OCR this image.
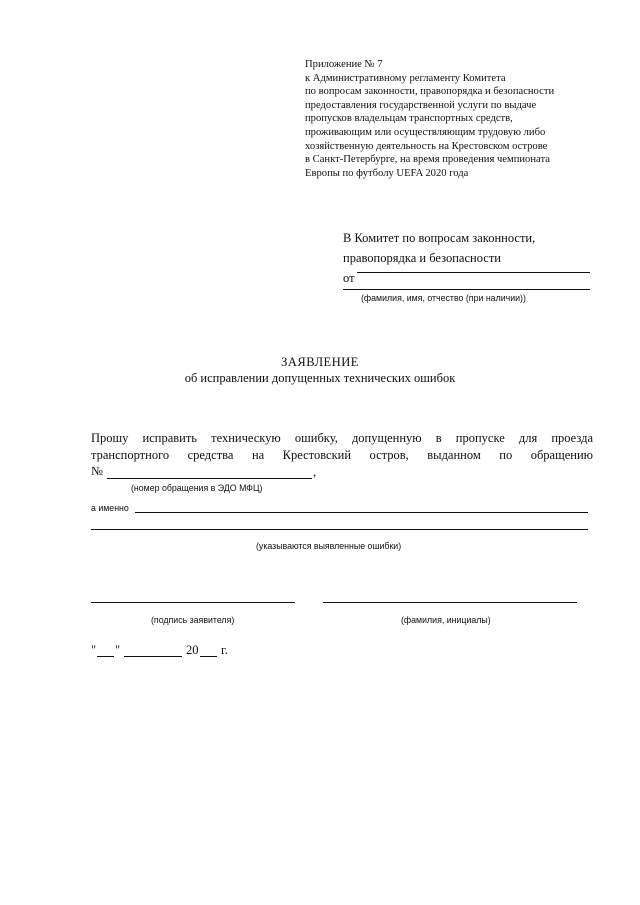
Приложение № 7
к Административному регламенту Комитета
по вопросам законности, правопорядка и безопасности
предоставления государственной услуги по выдаче
пропусков владельцам транспортных средств,
проживающим или осуществляющим трудовую либо
хозяйственную деятельность на Крестовском острове
в Санкт-Петербурге, на время проведения чемпионата
Европы по футболу UEFA 2020 года
В Комитет по вопросам законности,
правопорядка и безопасности
от
(фамилия, имя, отчество (при наличии))
ЗАЯВЛЕНИЕ
об исправлении допущенных технических ошибок
Прошу исправить техническую ошибку, допущенную в пропуске для проезда
транспортного средства на Крестовский остров, выданном по обращению
№	,
(номер обращения в ЭДО МФЦ)
а именно
(указываются выявленные ошибки)
(подпись заявителя)	(фамилия, инициалы)
" "	20 г.
